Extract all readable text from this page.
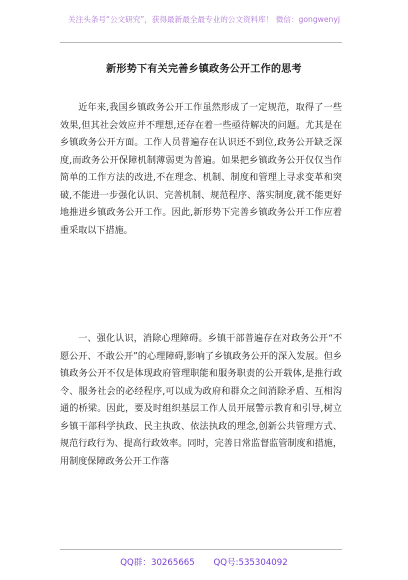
关注头条号“公文研究”，获得最新最全最专业的公文资料库！ 微信：gongwenyj
新形势下有关完善乡镇政务公开工作的思考
近年来,我国乡镇政务公开工作虽然形成了一定规范，取得了一些效果,但其社会效应并不理想,还存在着一些亟待解决的问题。尤其是在乡镇政务公开方面。工作人员普遍存在认识还不到位,政务公开缺乏深度,而政务公开保障机制薄弱更为普遍。如果把乡镇政务公开仅仅当作简单的工作方法的改进,不在理念、机制、制度和管理上寻求变革和突破,不能进一步强化认识、完善机制、规范程序、落实制度,就不能更好地推进乡镇政务公开工作。因此,新形势下完善乡镇政务公开工作应着重采取以下措施。
一、强化认识，消除心理障碍。乡镇干部普遍存在对政务公开“不愿公开、不敢公开”的心理障碍,影响了乡镇政务公开的深入发展。但乡镇政务公开不仅是体现政府管理职能和服务职责的公开载体,是推行政令、服务社会的必经程序,可以成为政府和群众之间消除矛盾、互相沟通的桥梁。因此，要及时组织基层工作人员开展警示教育和引导,树立乡镇干部科学执政、民主执政、依法执政的理念,创新公共管理方式、规范行政行为、提高行政效率。同时，完善日常监督监管制度和措施，用制度保障政务公开工作落
QQ群：30265665 QQ号:535304092
